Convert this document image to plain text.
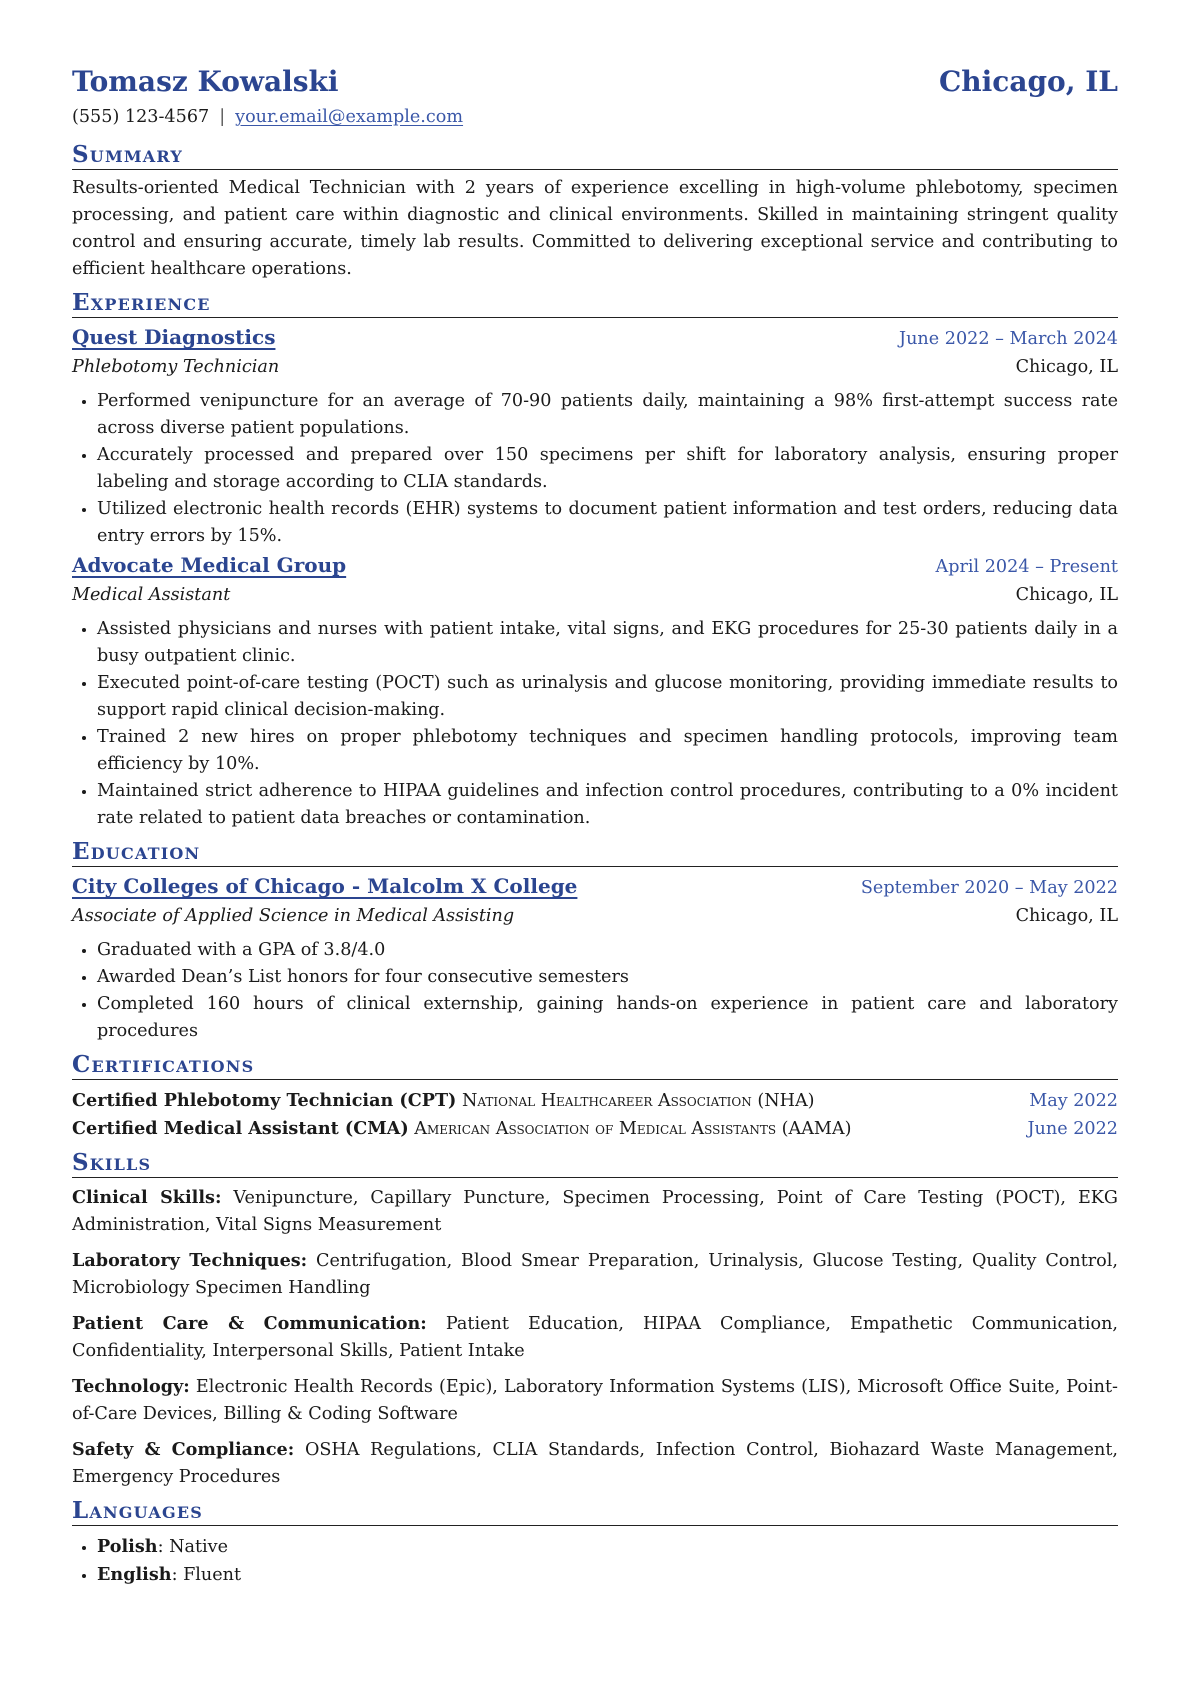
Tomasz Kowalski	Chicago, IL
(555) 123-4567 | your.email@example.com
Summary
Results-oriented Medical Technician with 2 years of experience excelling in high-volume phlebotomy, specimen processing, and patient care within diagnostic and clinical environments. Skilled in maintaining stringent quality control and ensuring accurate, timely lab results. Committed to delivering exceptional service and contributing to efficient healthcare operations.
Experience
Quest Diagnostics	June 2022 – March 2024
Phlebotomy Technician	Chicago, IL
• Performed venipuncture for an average of 70-90 patients daily, maintaining a 98% first-attempt success rate across diverse patient populations.
• Accurately processed and prepared over 150 specimens per shift for laboratory analysis, ensuring proper labeling and storage according to CLIA standards.
• Utilized electronic health records (EHR) systems to document patient information and test orders, reducing data entry errors by 15%.
Advocate Medical Group	April 2024 – Present
Medical Assistant	Chicago, IL
• Assisted physicians and nurses with patient intake, vital signs, and EKG procedures for 25-30 patients daily in a busy outpatient clinic.
• Executed point-of-care testing (POCT) such as urinalysis and glucose monitoring, providing immediate results to support rapid clinical decision-making.
• Trained 2 new hires on proper phlebotomy techniques and specimen handling protocols, improving team efficiency by 10%.
• Maintained strict adherence to HIPAA guidelines and infection control procedures, contributing to a 0% incident rate related to patient data breaches or contamination.
Education
City Colleges of Chicago - Malcolm X College	September 2020 – May 2022
Associate of Applied Science in Medical Assisting	Chicago, IL
• Graduated with a GPA of 3.8/4.0
• Awarded Dean’s List honors for four consecutive semesters
• Completed 160 hours of clinical externship, gaining hands-on experience in patient care and laboratory procedures
Certifications
Certified Phlebotomy Technician (CPT) National Healthcareer Association (NHA)	May 2022
Certified Medical Assistant (CMA) American Association of Medical Assistants (AAMA)	June 2022
Skills
Clinical Skills: Venipuncture, Capillary Puncture, Specimen Processing, Point of Care Testing (POCT), EKG Administration, Vital Signs Measurement
Laboratory Techniques: Centrifugation, Blood Smear Preparation, Urinalysis, Glucose Testing, Quality Control, Microbiology Specimen Handling
Patient Care & Communication: Patient Education, HIPAA Compliance, Empathetic Communication, Confidentiality, Interpersonal Skills, Patient Intake
Technology: Electronic Health Records (Epic), Laboratory Information Systems (LIS), Microsoft Office Suite, Point-of-Care Devices, Billing & Coding Software
Safety & Compliance: OSHA Regulations, CLIA Standards, Infection Control, Biohazard Waste Management, Emergency Procedures
Languages
• Polish: Native
• English: Fluent
